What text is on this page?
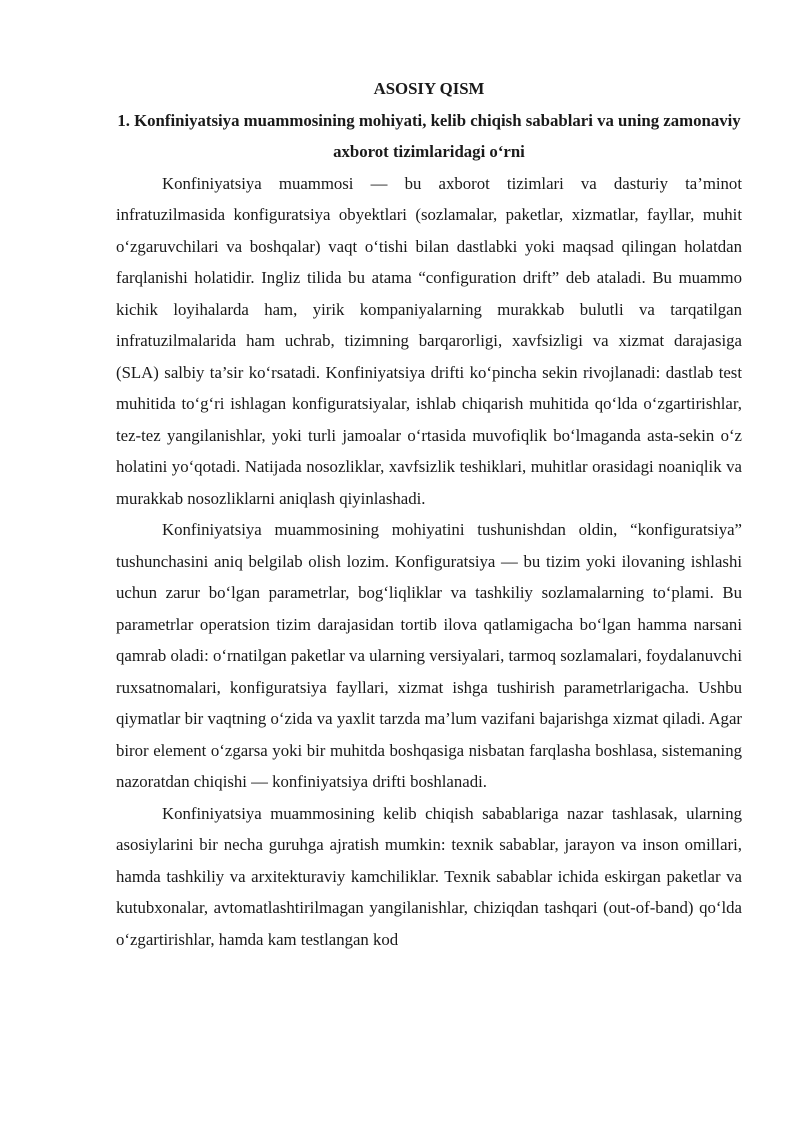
ASOSIY QISM

1. Konfiniyatsiya muammosining mohiyati, kelib chiqish sabablari va uning zamonaviy axborot tizimlaridagi o‘rni

Konfiniyatsiya muammosi — bu axborot tizimlari va dasturiy ta’minot infratuzilmasida konfiguratsiya obyektlari (sozlamalar, paketlar, xizmatlar, fayllar, muhit o‘zgaruvchilari va boshqalar) vaqt o‘tishi bilan dastlabki yoki maqsad qilingan holatdan farqlanishi holatidir. Ingliz tilida bu atama “configuration drift” deb ataladi. Bu muammo kichik loyihalarda ham, yirik kompaniyalarning murakkab bulutli va tarqatilgan infratuzilmalarida ham uchrab, tizimning barqarorligi, xavfsizligi va xizmat darajasiga (SLA) salbiy ta’sir ko‘rsatadi. Konfiniyatsiya drifti ko‘pincha sekin rivojlanadi: dastlab test muhitida to‘g‘ri ishlagan konfiguratsiyalar, ishlab chiqarish muhitida qo‘lda o‘zgartirishlar, tez-tez yangilanishlar, yoki turli jamoalar o‘rtasida muvofiqlik bo‘lmaganda asta-sekin o‘z holatini yo‘qotadi. Natijada nosozliklar, xavfsizlik teshiklari, muhitlar orasidagi noaniqlik va murakkab nosozliklarni aniqlash qiyinlashadi.

Konfiniyatsiya muammosining mohiyatini tushunishdan oldin, “konfiguratsiya” tushunchasini aniq belgilab olish lozim. Konfiguratsiya — bu tizim yoki ilovaning ishlashi uchun zarur bo‘lgan parametrlar, bog‘liqliklar va tashkiliy sozlamalarning to‘plami. Bu parametrlar operatsion tizim darajasidan tortib ilova qatlamigacha bo‘lgan hamma narsani qamrab oladi: o‘rnatilgan paketlar va ularning versiyalari, tarmoq sozlamalari, foydalanuvchi ruxsatnomalari, konfiguratsiya fayllari, xizmat ishga tushirish parametrlarigacha. Ushbu qiymatlar bir vaqtning o‘zida va yaxlit tarzda ma’lum vazifani bajarishga xizmat qiladi. Agar biror element o‘zgarsa yoki bir muhitda boshqasiga nisbatan farqlasha boshlasa, sistemaning nazoratdan chiqishi — konfiniyatsiya drifti boshlanadi.

Konfiniyatsiya muammosining kelib chiqish sabablariga nazar tashlasak, ularning asosiylarini bir necha guruhga ajratish mumkin: texnik sabablar, jarayon va inson omillari, hamda tashkiliy va arxitekturaviy kamchiliklar. Texnik sabablar ichida eskirgan paketlar va kutubxonalar, avtomatlashtirilmagan yangilanishlar, chiziqdan tashqari (out-of-band) qo‘lda o‘zgartirishlar, hamda kam testlangan kod
